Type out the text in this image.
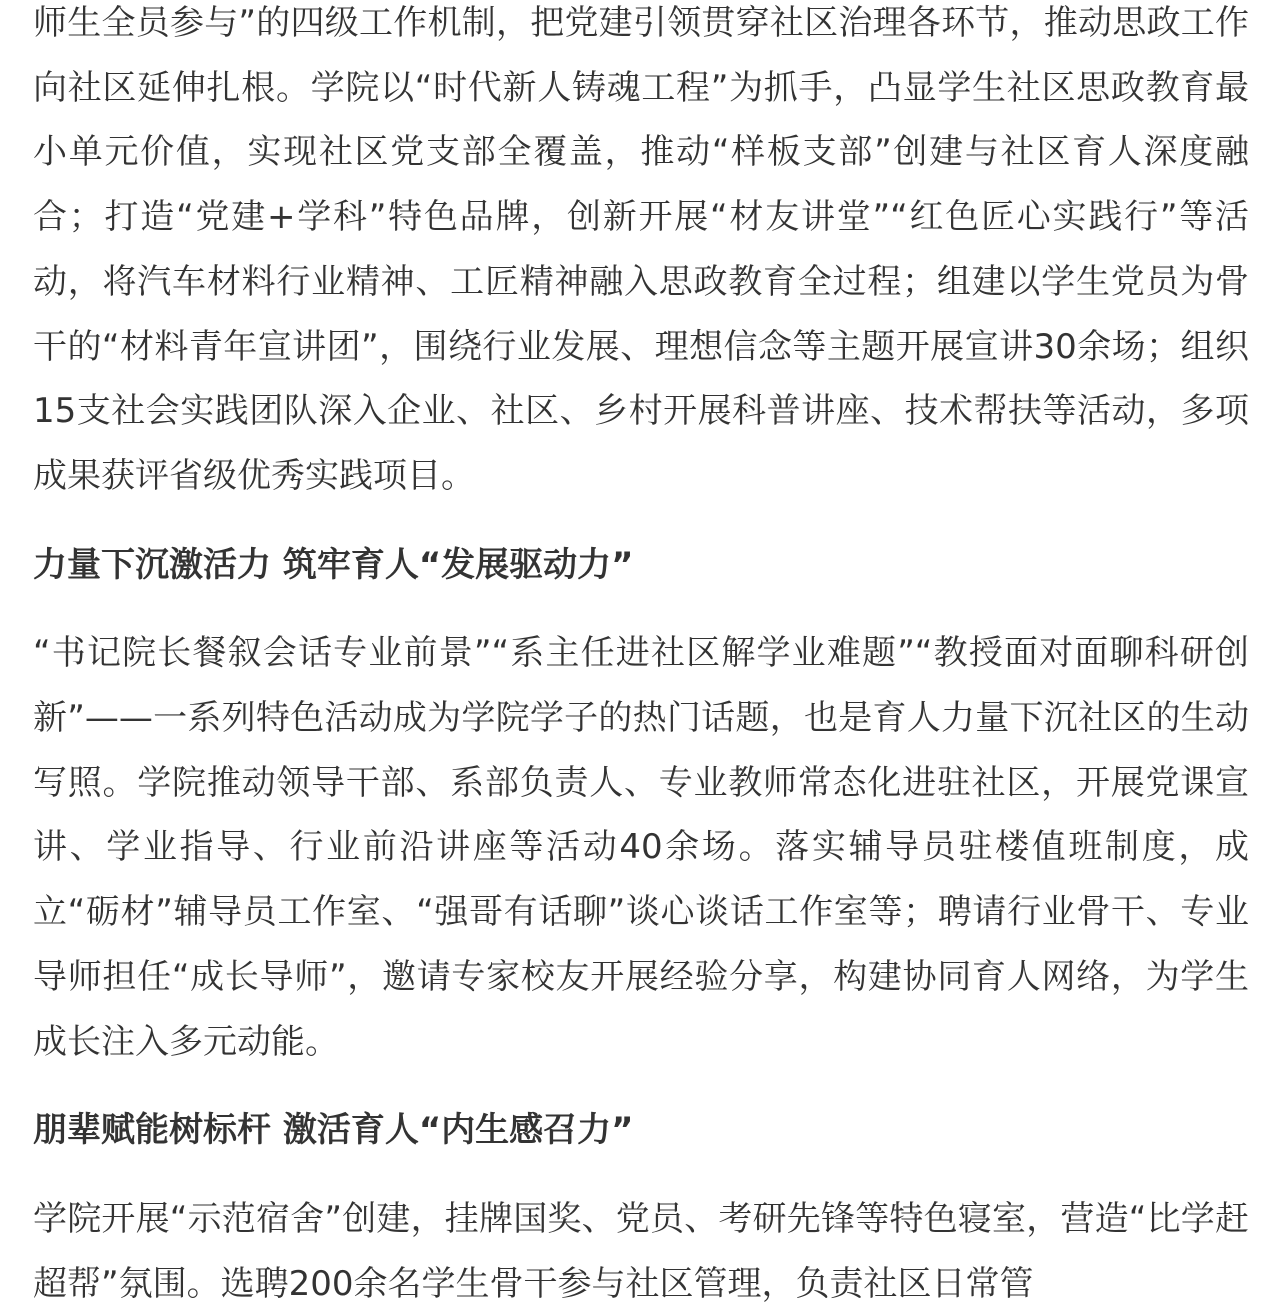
师生全员参与”的四级工作机制，把党建引领贯穿社区治理各环节，推动思政工作向社区延伸扎根。学院以“时代新人铸魂工程”为抓手，凸显学生社区思政教育最小单元价值，实现社区党支部全覆盖，推动“样板支部”创建与社区育人深度融合；打造“党建+学科”特色品牌，创新开展“材友讲堂”“红色匠心实践行”等活动，将汽车材料行业精神、工匠精神融入思政教育全过程；组建以学生党员为骨干的“材料青年宣讲团”，围绕行业发展、理想信念等主题开展宣讲30余场；组织15支社会实践团队深入企业、社区、乡村开展科普讲座、技术帮扶等活动，多项成果获评省级优秀实践项目。

力量下沉激活力 筑牢育人“发展驱动力”

“书记院长餐叙会话专业前景”“系主任进社区解学业难题”“教授面对面聊科研创新”——一系列特色活动成为学院学子的热门话题，也是育人力量下沉社区的生动写照。学院推动领导干部、系部负责人、专业教师常态化进驻社区，开展党课宣讲、学业指导、行业前沿讲座等活动40余场。落实辅导员驻楼值班制度，成立“砺材”辅导员工作室、“强哥有话聊”谈心谈话工作室等；聘请行业骨干、专业导师担任“成长导师”，邀请专家校友开展经验分享，构建协同育人网络，为学生成长注入多元动能。

朋辈赋能树标杆 激活育人“内生感召力”

学院开展“示范宿舍”创建，挂牌国奖、党员、考研先锋等特色寝室，营造“比学赶超帮”氛围。选聘200余名学生骨干参与社区管理，负责社区日常管
